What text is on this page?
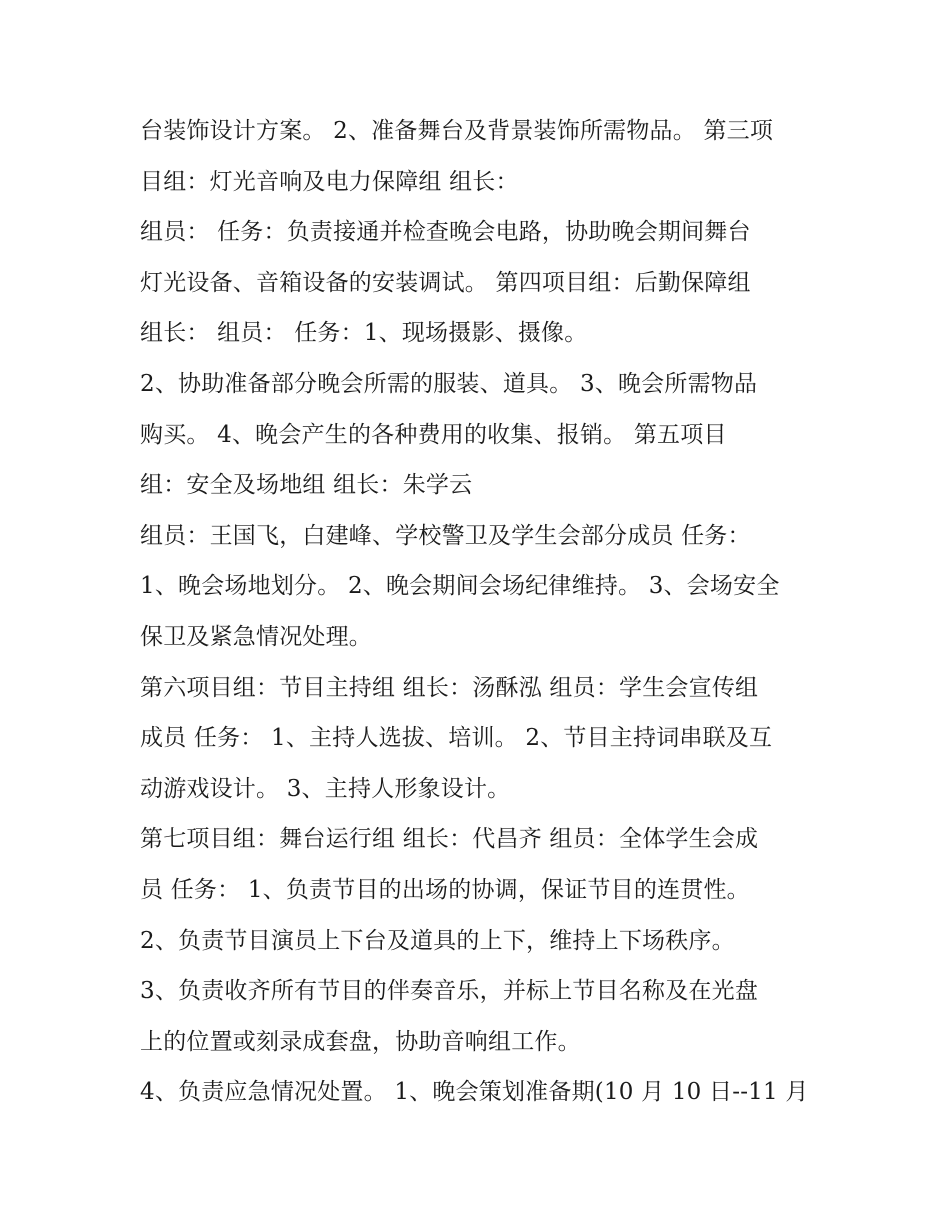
台装饰设计方案。 2、准备舞台及背景装饰所需物品。 第三项
目组：灯光音响及电力保障组 组长：
组员： 任务：负责接通并检查晚会电路，协助晚会期间舞台
灯光设备、音箱设备的安装调试。 第四项目组：后勤保障组
组长： 组员： 任务：1、现场摄影、摄像。
2、协助准备部分晚会所需的服装、道具。 3、晚会所需物品
购买。 4、晚会产生的各种费用的收集、报销。 第五项目
组：安全及场地组 组长：朱学云
组员：王国飞，白建峰、学校警卫及学生会部分成员 任务：
1、晚会场地划分。 2、晚会期间会场纪律维持。 3、会场安全
保卫及紧急情况处理。
第六项目组：节目主持组 组长：汤酥泓 组员：学生会宣传组
成员 任务： 1、主持人选拔、培训。 2、节目主持词串联及互
动游戏设计。 3、主持人形象设计。
第七项目组：舞台运行组 组长：代昌齐 组员：全体学生会成
员 任务： 1、负责节目的出场的协调，保证节目的连贯性。
2、负责节目演员上下台及道具的上下，维持上下场秩序。
3、负责收齐所有节目的伴奏音乐，并标上节目名称及在光盘
上的位置或刻录成套盘，协助音响组工作。
4、负责应急情况处置。 1、晚会策划准备期(10 月 10 日--11 月
